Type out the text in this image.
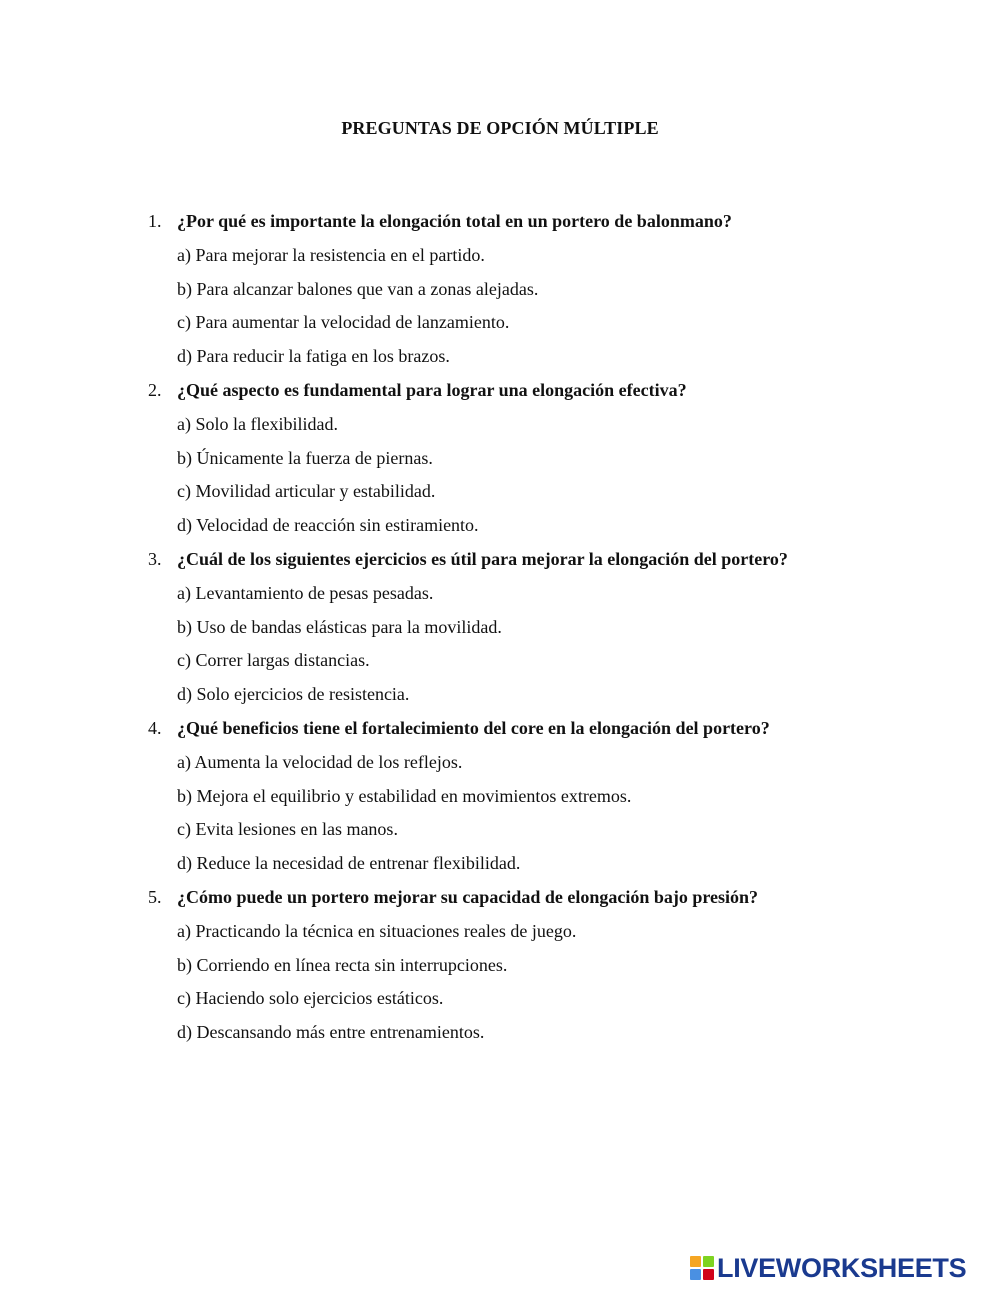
PREGUNTAS DE OPCIÓN MÚLTIPLE
1. ¿Por qué es importante la elongación total en un portero de balonmano?
a) Para mejorar la resistencia en el partido.
b) Para alcanzar balones que van a zonas alejadas.
c) Para aumentar la velocidad de lanzamiento.
d) Para reducir la fatiga en los brazos.
2. ¿Qué aspecto es fundamental para lograr una elongación efectiva?
a) Solo la flexibilidad.
b) Únicamente la fuerza de piernas.
c) Movilidad articular y estabilidad.
d) Velocidad de reacción sin estiramiento.
3. ¿Cuál de los siguientes ejercicios es útil para mejorar la elongación del portero?
a) Levantamiento de pesas pesadas.
b) Uso de bandas elásticas para la movilidad.
c) Correr largas distancias.
d) Solo ejercicios de resistencia.
4. ¿Qué beneficios tiene el fortalecimiento del core en la elongación del portero?
a) Aumenta la velocidad de los reflejos.
b) Mejora el equilibrio y estabilidad en movimientos extremos.
c) Evita lesiones en las manos.
d) Reduce la necesidad de entrenar flexibilidad.
5. ¿Cómo puede un portero mejorar su capacidad de elongación bajo presión?
a) Practicando la técnica en situaciones reales de juego.
b) Corriendo en línea recta sin interrupciones.
c) Haciendo solo ejercicios estáticos.
d) Descansando más entre entrenamientos.
LIVEWORKSHEETS
